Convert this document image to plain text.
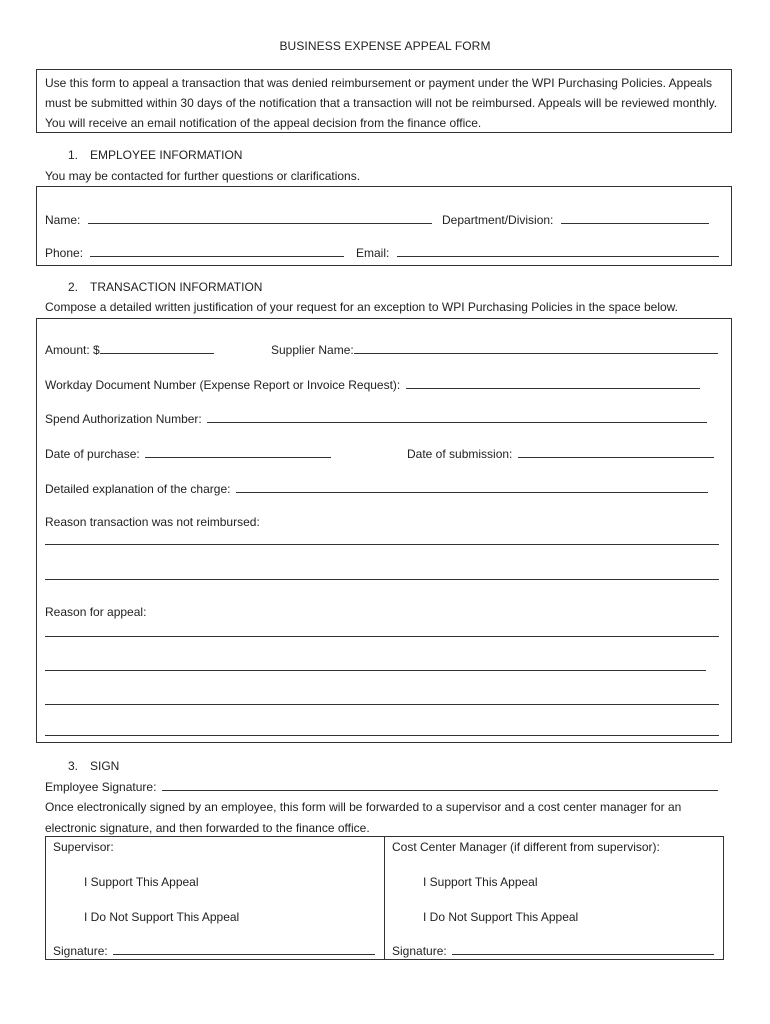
BUSINESS EXPENSE APPEAL FORM
Use this form to appeal a transaction that was denied reimbursement or payment under the WPI Purchasing Policies. Appeals must be submitted within 30 days of the notification that a transaction will not be reimbursed. Appeals will be reviewed monthly. You will receive an email notification of the appeal decision from the finance office.
1. EMPLOYEE INFORMATION
You may be contacted for further questions or clarifications.
Name:	Department/Division:
Phone:	Email:
2. TRANSACTION INFORMATION
Compose a detailed written justification of your request for an exception to WPI Purchasing Policies in the space below.
Amount: $	Supplier Name:
Workday Document Number (Expense Report or Invoice Request):
Spend Authorization Number:
Date of purchase:	Date of submission:
Detailed explanation of the charge:
Reason transaction was not reimbursed:
Reason for appeal:
3. SIGN
Employee Signature:
Once electronically signed by an employee, this form will be forwarded to a supervisor and a cost center manager for an electronic signature, and then forwarded to the finance office.
Supervisor:
I Support This Appeal
I Do Not Support This Appeal
Signature:
Cost Center Manager (if different from supervisor):
I Support This Appeal
I Do Not Support This Appeal
Signature:
